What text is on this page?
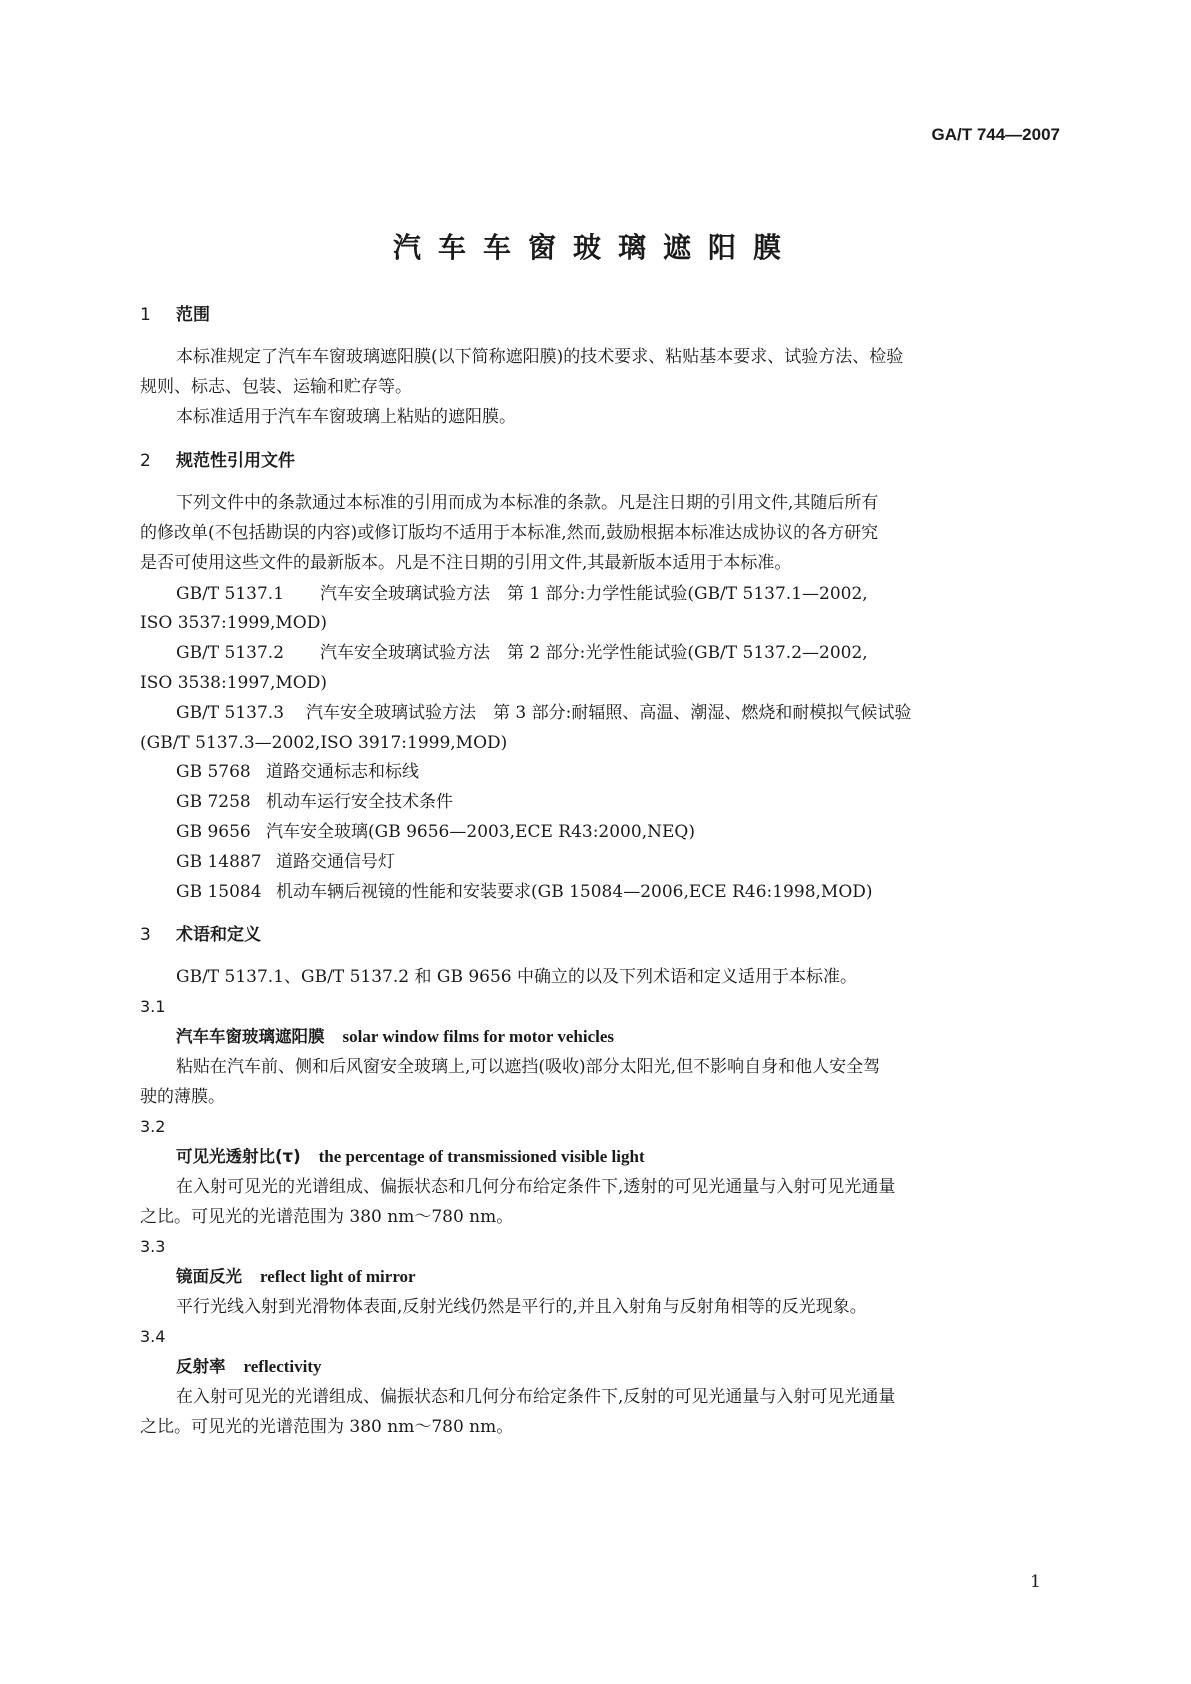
GA/T 744—2007
汽车车窗玻璃遮阳膜
1 范围
本标准规定了汽车车窗玻璃遮阳膜(以下简称遮阳膜)的技术要求、粘贴基本要求、试验方法、检验
规则、标志、包装、运输和贮存等。
本标准适用于汽车车窗玻璃上粘贴的遮阳膜。
2 规范性引用文件
下列文件中的条款通过本标准的引用而成为本标准的条款。凡是注日期的引用文件,其随后所有
的修改单(不包括勘误的内容)或修订版均不适用于本标准,然而,鼓励根据本标准达成协议的各方研究
是否可使用这些文件的最新版本。凡是不注日期的引用文件,其最新版本适用于本标准。
GB/T 5137.1 汽车安全玻璃试验方法　第 1 部分:力学性能试验(GB/T 5137.1—2002,
ISO 3537:1999,MOD)
GB/T 5137.2 汽车安全玻璃试验方法　第 2 部分:光学性能试验(GB/T 5137.2—2002,
ISO 3538:1997,MOD)
GB/T 5137.3 汽车安全玻璃试验方法　第 3 部分:耐辐照、高温、潮湿、燃烧和耐模拟气候试验
(GB/T 5137.3—2002,ISO 3917:1999,MOD)
GB 5768 道路交通标志和标线
GB 7258 机动车运行安全技术条件
GB 9656 汽车安全玻璃(GB 9656—2003,ECE R43:2000,NEQ)
GB 14887 道路交通信号灯
GB 15084 机动车辆后视镜的性能和安装要求(GB 15084—2006,ECE R46:1998,MOD)
3 术语和定义
GB/T 5137.1、GB/T 5137.2 和 GB 9656 中确立的以及下列术语和定义适用于本标准。
3.1
汽车车窗玻璃遮阳膜 solar window films for motor vehicles
粘贴在汽车前、侧和后风窗安全玻璃上,可以遮挡(吸收)部分太阳光,但不影响自身和他人安全驾
驶的薄膜。
3.2
可见光透射比(τ) the percentage of transmissioned visible light
在入射可见光的光谱组成、偏振状态和几何分布给定条件下,透射的可见光通量与入射可见光通量
之比。可见光的光谱范围为 380 nm～780 nm。
3.3
镜面反光 reflect light of mirror
平行光线入射到光滑物体表面,反射光线仍然是平行的,并且入射角与反射角相等的反光现象。
3.4
反射率 reflectivity
在入射可见光的光谱组成、偏振状态和几何分布给定条件下,反射的可见光通量与入射可见光通量
之比。可见光的光谱范围为 380 nm～780 nm。
1
